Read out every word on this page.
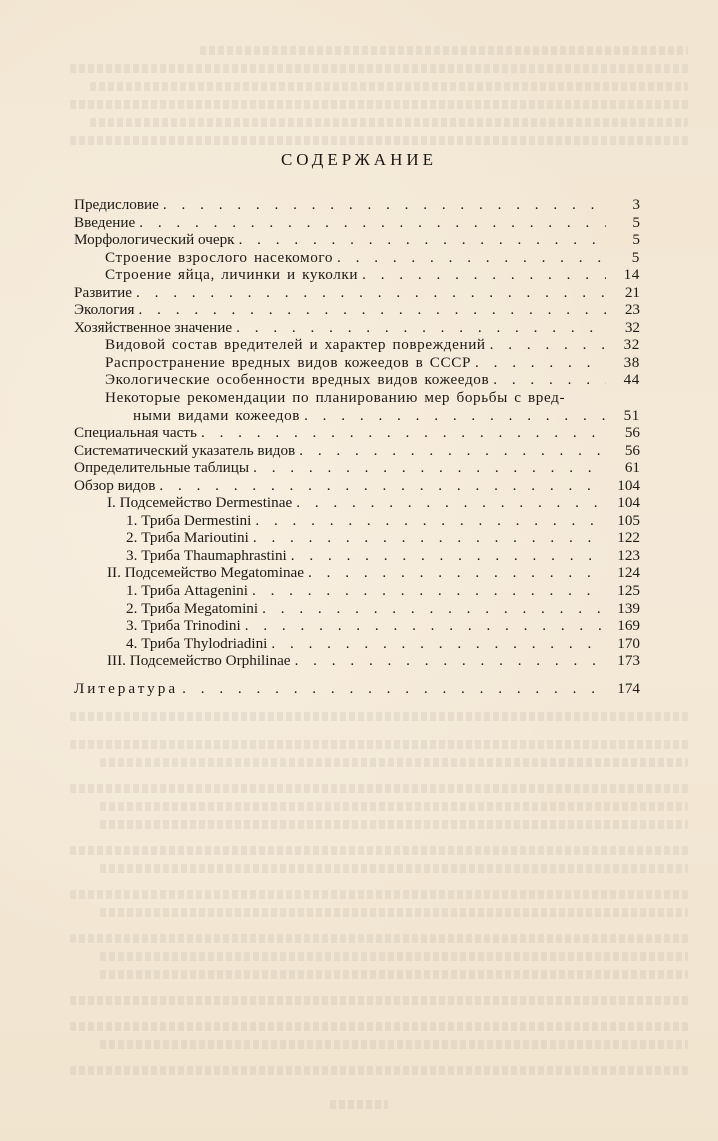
СОДЕРЖАНИЕ
Предисловие . . .	3
Введение . . .	5
Морфологический очерк . . .	5
Строение взрослого насекомого . . .	5
Строение яйца, личинки и куколки . . .	14
Развитие . . .	21
Экология . . .	23
Хозяйственное значение . . .	32
Видовой состав вредителей и характер повреждений . . .	32
Распространение вредных видов кожеедов в СССР . . .	38
Экологические особенности вредных видов кожеедов . . .	44
Некоторые рекомендации по планированию мер борьбы с вред-
ными видами кожеедов . . .	51
Специальная часть . . .	56
Систематический указатель видов . . .	56
Определительные таблицы . . .	61
Обзор видов . . .	104
I. Подсемейство Dermestinae . . .	104
1. Триба Dermestini . . .	105
2. Триба Marioutini . . .	122
3. Триба Thaumaphrastini . . .	123
II. Подсемейство Megatominae . . .	124
1. Триба Attagenini . . .	125
2. Триба Megatomini . . .	139
3. Триба Trinodini . . .	169
4. Триба Thylodriadini . . .	170
III. Подсемейство Orphilinae . . .	173
Литература . . .	174
